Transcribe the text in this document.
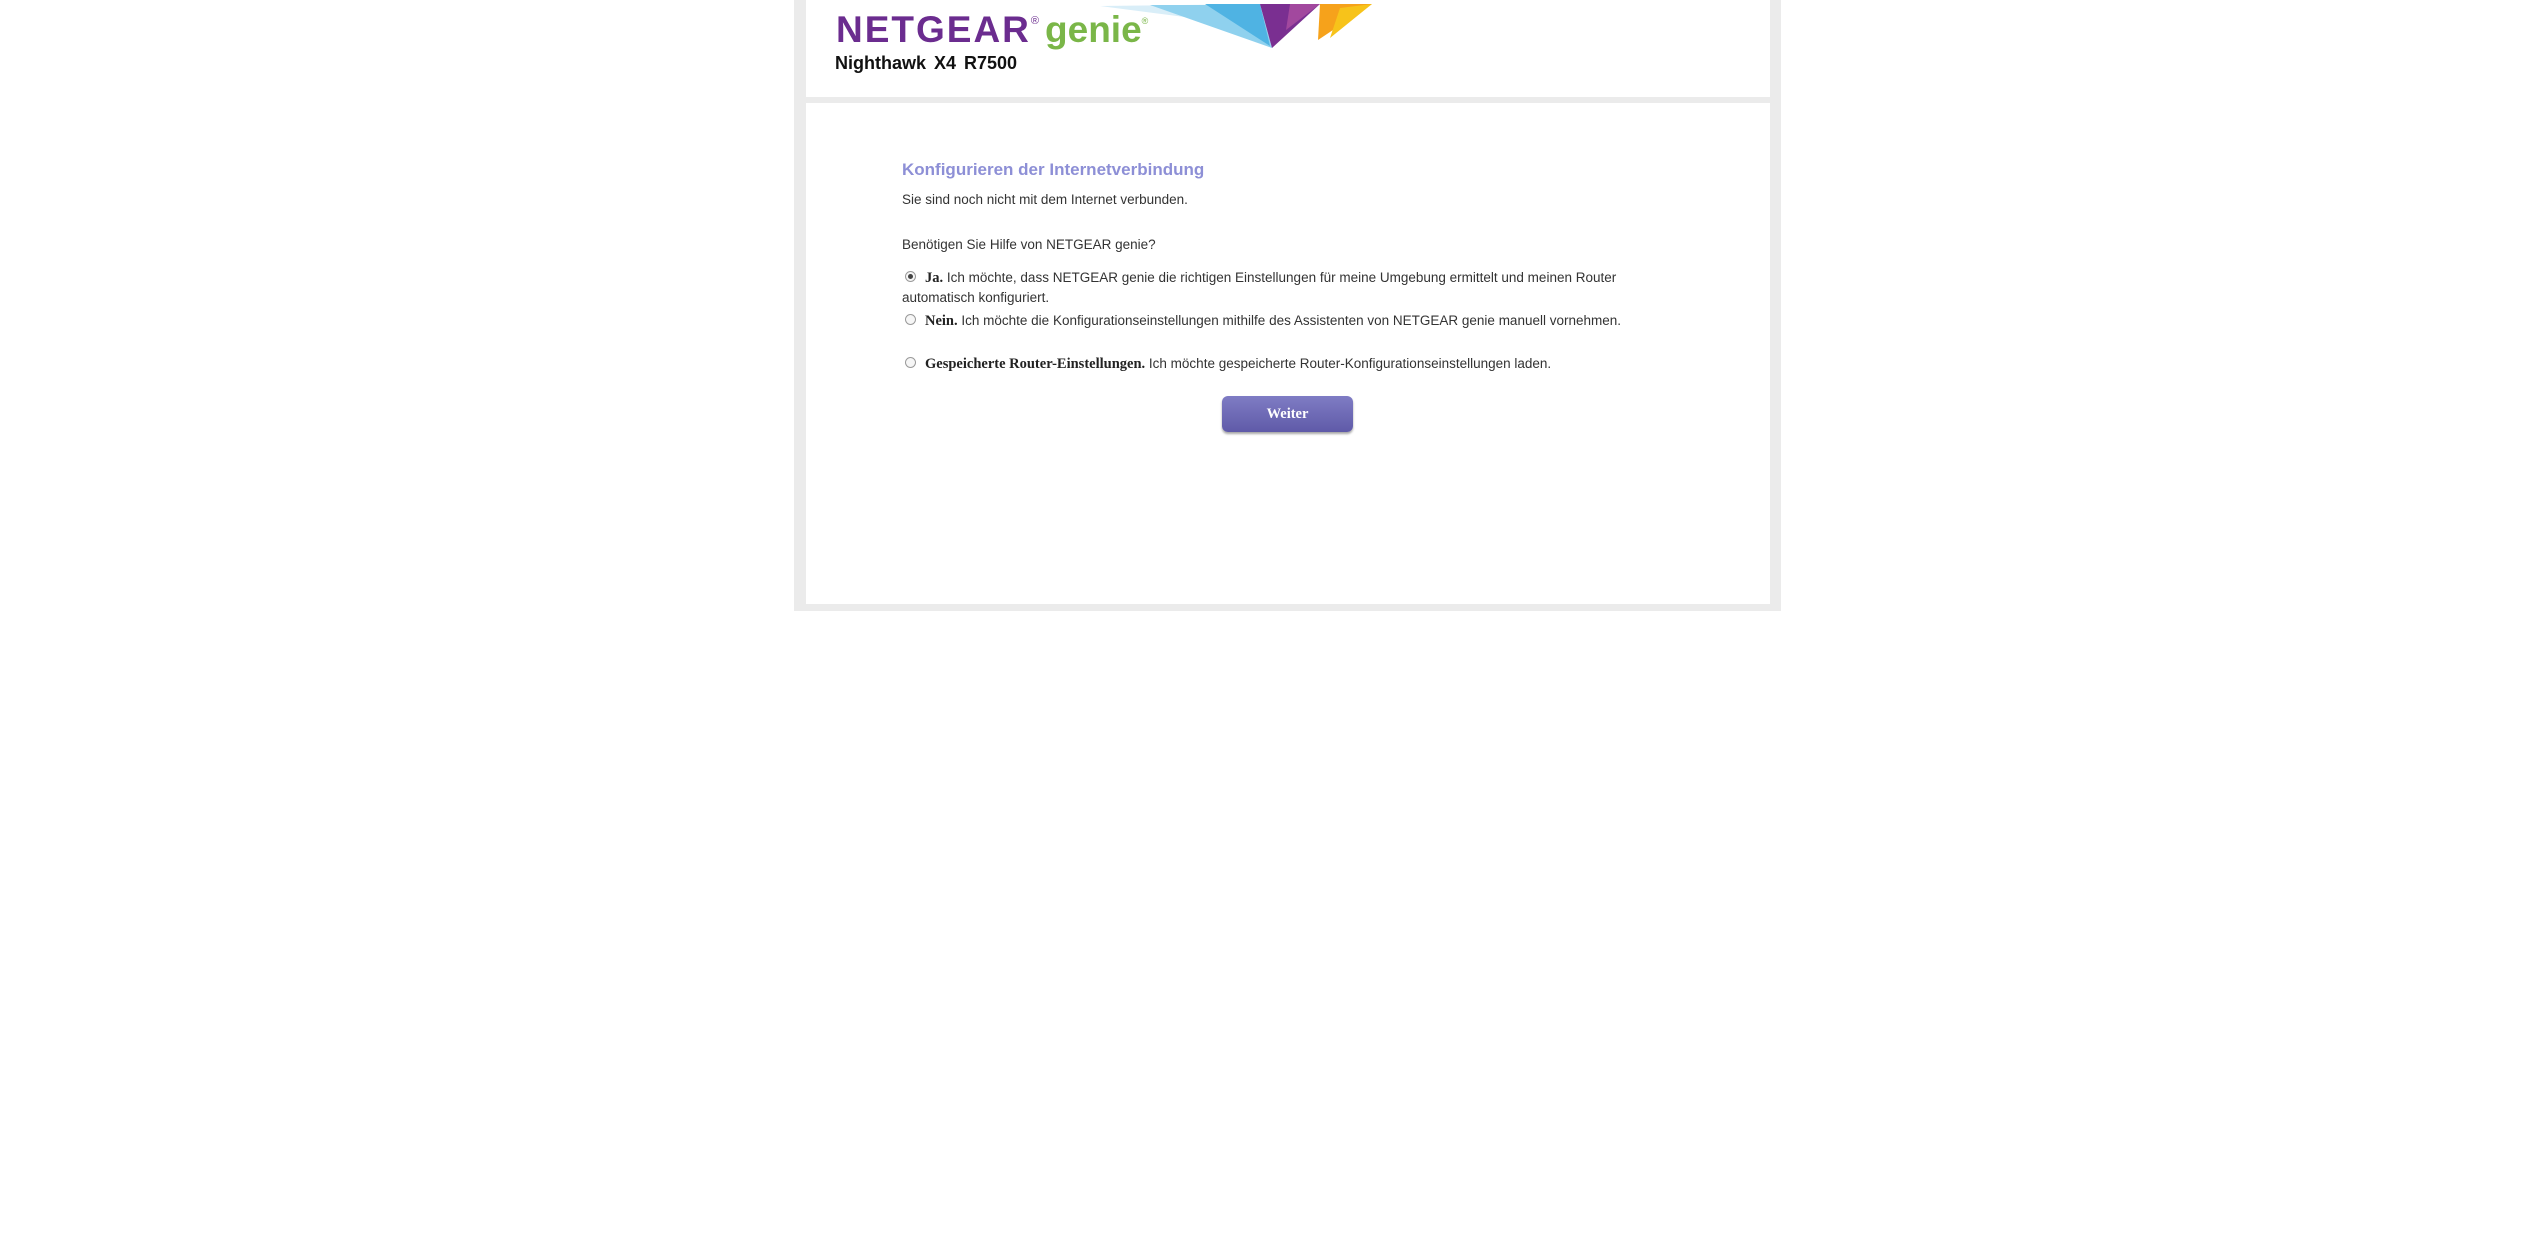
NETGEAR ® genie ®
Nighthawk X4 R7500
Konfigurieren der Internetverbindung
Sie sind noch nicht mit dem Internet verbunden.
Benötigen Sie Hilfe von NETGEAR genie?
Ja. Ich möchte, dass NETGEAR genie die richtigen Einstellungen für meine Umgebung ermittelt und meinen Router automatisch konfiguriert.
Nein. Ich möchte die Konfigurationseinstellungen mithilfe des Assistenten von NETGEAR genie manuell vornehmen.
Gespeicherte Router-Einstellungen. Ich möchte gespeicherte Router-Konfigurationseinstellungen laden.
Weiter
